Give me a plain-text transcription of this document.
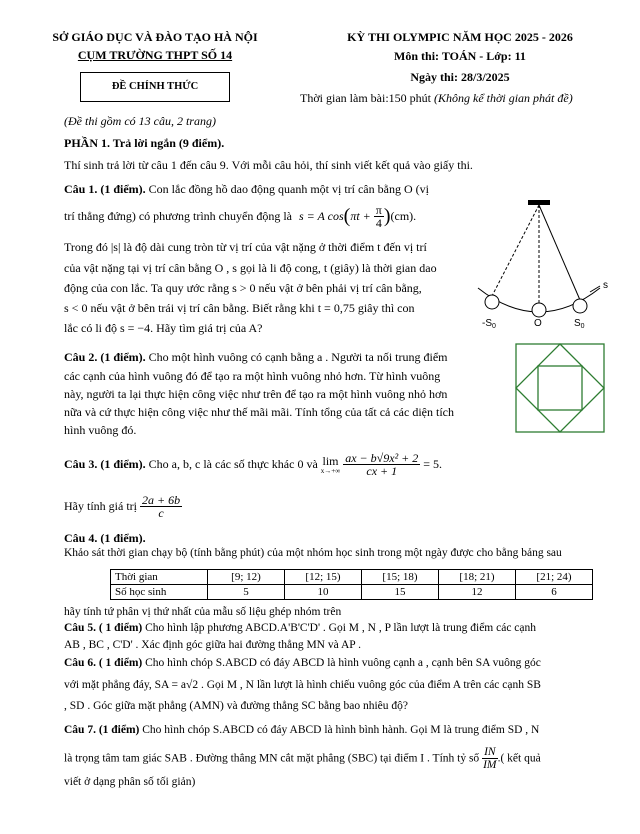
SỞ GIÁO DỤC VÀ ĐÀO TẠO HÀ NỘI
CỤM TRƯỜNG THPT SỐ 14
ĐỀ CHÍNH THỨC
KỲ THI OLYMPIC NĂM HỌC 2025 - 2026
Môn thi: TOÁN - Lớp: 11
Ngày thi: 28/3/2025
Thời gian làm bài:150 phút (Không kể thời gian phát đề)
(Đề thi gồm có 13 câu, 2 trang)
PHẦN 1. Trả lời ngắn (9 điểm).
Thí sinh trả lời từ câu 1 đến câu 9. Với mỗi câu hỏi, thí sinh viết kết quả vào giấy thi.
Câu 1. (1 điểm). Con lắc đồng hồ dao động quanh một vị trí cân bằng O (vị
trí thẳng đứng) có phương trình chuyển động là s = A $\cos(\pi t + \frac{\pi}{4} )(cm)$.
Trong đó |s| là độ dài cung tròn từ vị trí của vật nặng ở thời điểm t đến vị trí
của vật nặng tại vị trí cân bằng O , s gọi là li độ cong, t (giây) là thời gian dao
động của con lắc. Ta quy ước rằng s > 0 nếu vật ở bên phải vị trí cân bằng,
s < 0 nếu vật ở bên trái vị trí cân bằng. Biết rằng khi t = 0,75 giây thì con
lắc có li độ s = −4. Hãy tìm giá trị của A?	$-S_0$	O	$S_0$
s
Câu 2. (1 điểm). Cho một hình vuông có cạnh bằng a . Người ta nối trung điểm
các cạnh của hình vuông đó để tạo ra một hình vuông nhỏ hơn. Từ hình vuông
này, người ta lại thực hiện công việc như trên để tạo ra một hình vuông nhỏ hơn
nữa và cứ thực hiện công việc như thế mãi mãi. Tính tổng của tất cả các diện tích
hình vuông đó.
Câu 3. (1 điểm). Cho a, b, c là các số thực khác 0 và lim
x→+∞
$\frac{\text{ax − b√9x² + 2}}{cx + 1} = 5$.
Hãy tính giá trị $\frac{2a + 6b}{c}$
Câu 4. (1 điểm).
Khảo sát thời gian chạy bộ (tính bằng phút) của một nhóm học sinh trong một ngày được cho bằng bảng sau
Thời gian	[9; 12)	[12; 15)	[15; 18)	[18; 21)	[21; 24)
Số học sinh	5	10	15	12	6
hãy tính tứ phân vị thứ nhất của mẫu số liệu ghép nhóm trên
Câu 5. ( 1 điểm) Cho hình lập phương ABCD.A'B'C'D' . Gọi M , N , P lần lượt là trung điểm các cạnh
AB , BC , C'D' . Xác định góc giữa hai đường thẳng MN và AP .
Câu 6. ( 1 điểm) Cho hình chóp S.ABCD có đáy ABCD là hình vuông cạnh a , cạnh bên SA vuông góc
với mặt phẳng đáy, SA = a√2 . Gọi M , N lần lượt là hình chiếu vuông góc của điểm A trên các cạnh SB
, SD . Góc giữa mặt phẳng (AMN) và đường thẳng SC bằng bao nhiêu độ?
Câu 7. (1 điểm) Cho hình chóp S.ABCD có đáy ABCD là hình bình hành. Gọi M là trung điểm SD , N
là trọng tâm tam giác SAB . Đường thẳng MN cắt mặt phẳng (SBC) tại điểm I . Tính tỷ số $\frac{IN}{IM}$ .( kết quả
viết ở dạng phân số tối giản)
